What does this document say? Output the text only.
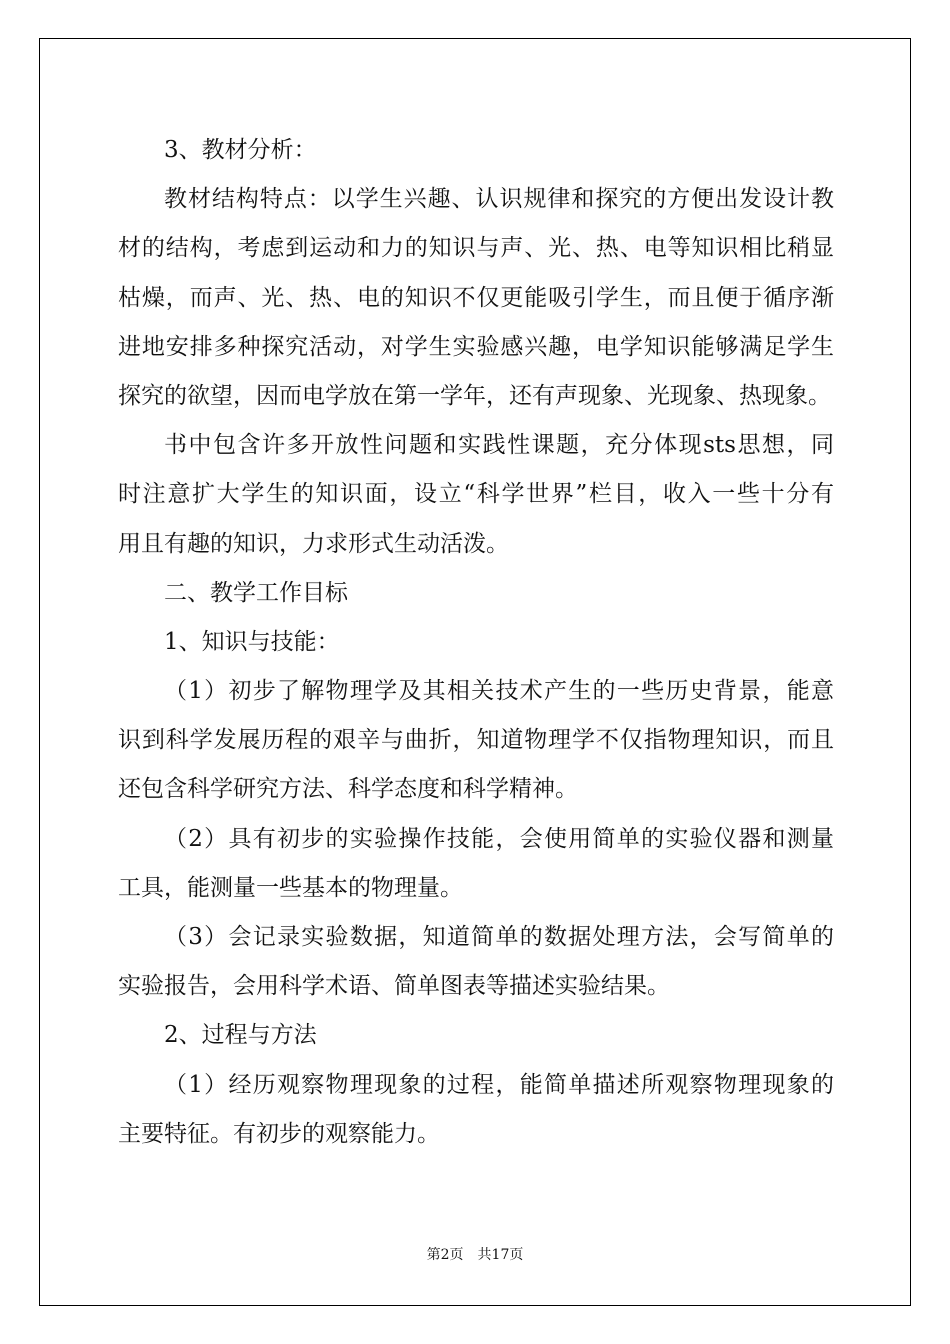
3、教材分析：
教材结构特点：以学生兴趣、认识规律和探究的方便出发设计教
材的结构，考虑到运动和力的知识与声、光、热、电等知识相比稍显
枯燥，而声、光、热、电的知识不仅更能吸引学生，而且便于循序渐
进地安排多种探究活动，对学生实验感兴趣，电学知识能够满足学生
探究的欲望，因而电学放在第一学年，还有声现象、光现象、热现象。
书中包含许多开放性问题和实践性课题，充分体现sts思想，同
时注意扩大学生的知识面，设立“科学世界”栏目，收入一些十分有
用且有趣的知识，力求形式生动活泼。
二、教学工作目标
1、知识与技能：
（1）初步了解物理学及其相关技术产生的一些历史背景，能意
识到科学发展历程的艰辛与曲折，知道物理学不仅指物理知识，而且
还包含科学研究方法、科学态度和科学精神。
（2）具有初步的实验操作技能，会使用简单的实验仪器和测量
工具，能测量一些基本的物理量。
（3）会记录实验数据，知道简单的数据处理方法，会写简单的
实验报告，会用科学术语、简单图表等描述实验结果。
2、过程与方法
（1）经历观察物理现象的过程，能简单描述所观察物理现象的
主要特征。有初步的观察能力。
第2页 共17页
